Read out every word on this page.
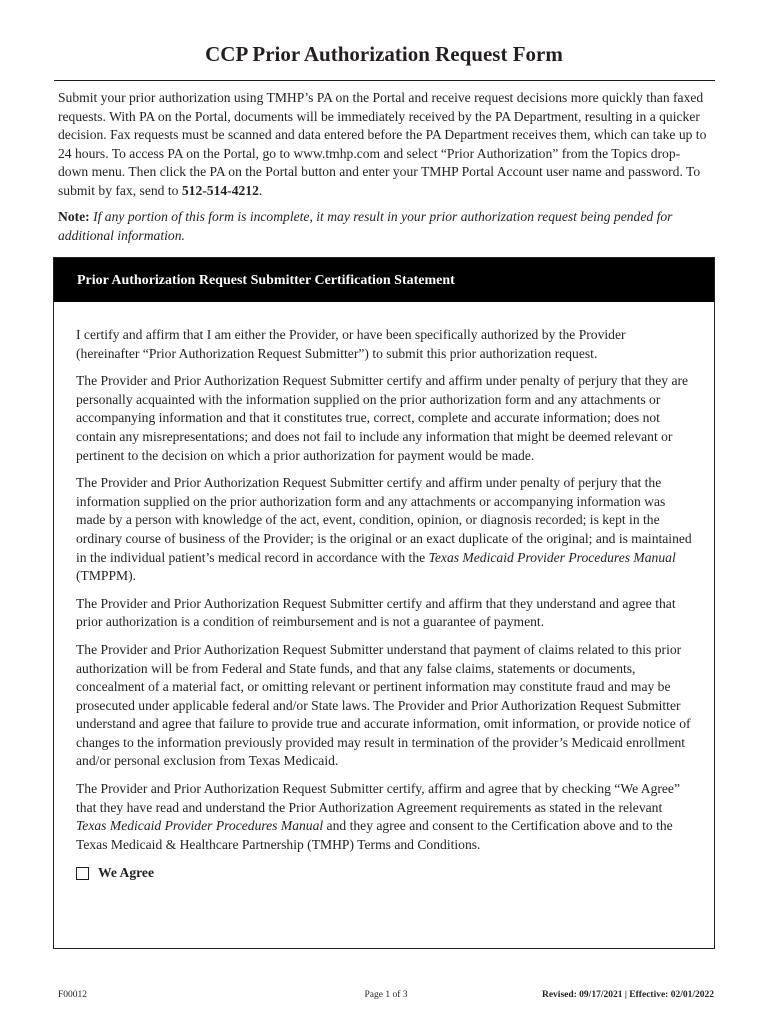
CCP Prior Authorization Request Form
Submit your prior authorization using TMHP’s PA on the Portal and receive request decisions more quickly than faxed requests. With PA on the Portal, documents will be immediately received by the PA Department, resulting in a quicker decision. Fax requests must be scanned and data entered before the PA Department receives them, which can take up to 24 hours. To access PA on the Portal, go to www.tmhp.com and select “Prior Authorization” from the Topics drop-down menu. Then click the PA on the Portal button and enter your TMHP Portal Account user name and password. To submit by fax, send to 512-514-4212.
Note: If any portion of this form is incomplete, it may result in your prior authorization request being pended for additional information.
Prior Authorization Request Submitter Certification Statement

I certify and affirm that I am either the Provider, or have been specifically authorized by the Provider (hereinafter “Prior Authorization Request Submitter”) to submit this prior authorization request.

The Provider and Prior Authorization Request Submitter certify and affirm under penalty of perjury that they are personally acquainted with the information supplied on the prior authorization form and any attachments or accompanying information and that it constitutes true, correct, complete and accurate information; does not contain any misrepresentations; and does not fail to include any information that might be deemed relevant or pertinent to the decision on which a prior authorization for payment would be made.

The Provider and Prior Authorization Request Submitter certify and affirm under penalty of perjury that the information supplied on the prior authorization form and any attachments or accompanying information was made by a person with knowledge of the act, event, condition, opinion, or diagnosis recorded; is kept in the ordinary course of business of the Provider; is the original or an exact duplicate of the original; and is maintained in the individual patient’s medical record in accordance with the Texas Medicaid Provider Procedures Manual (TMPPM).

The Provider and Prior Authorization Request Submitter certify and affirm that they understand and agree that prior authorization is a condition of reimbursement and is not a guarantee of payment.

The Provider and Prior Authorization Request Submitter understand that payment of claims related to this prior authorization will be from Federal and State funds, and that any false claims, statements or documents, concealment of a material fact, or omitting relevant or pertinent information may constitute fraud and may be prosecuted under applicable federal and/or State laws. The Provider and Prior Authorization Request Submitter understand and agree that failure to provide true and accurate information, omit information, or provide notice of changes to the information previously provided may result in termination of the provider’s Medicaid enrollment and/or personal exclusion from Texas Medicaid.

The Provider and Prior Authorization Request Submitter certify, affirm and agree that by checking “We Agree” that they have read and understand the Prior Authorization Agreement requirements as stated in the relevant Texas Medicaid Provider Procedures Manual and they agree and consent to the Certification above and to the Texas Medicaid & Healthcare Partnership (TMHP) Terms and Conditions.

We Agree
F00012	Page 1 of 3	Revised: 09/17/2021 | Effective: 02/01/2022
